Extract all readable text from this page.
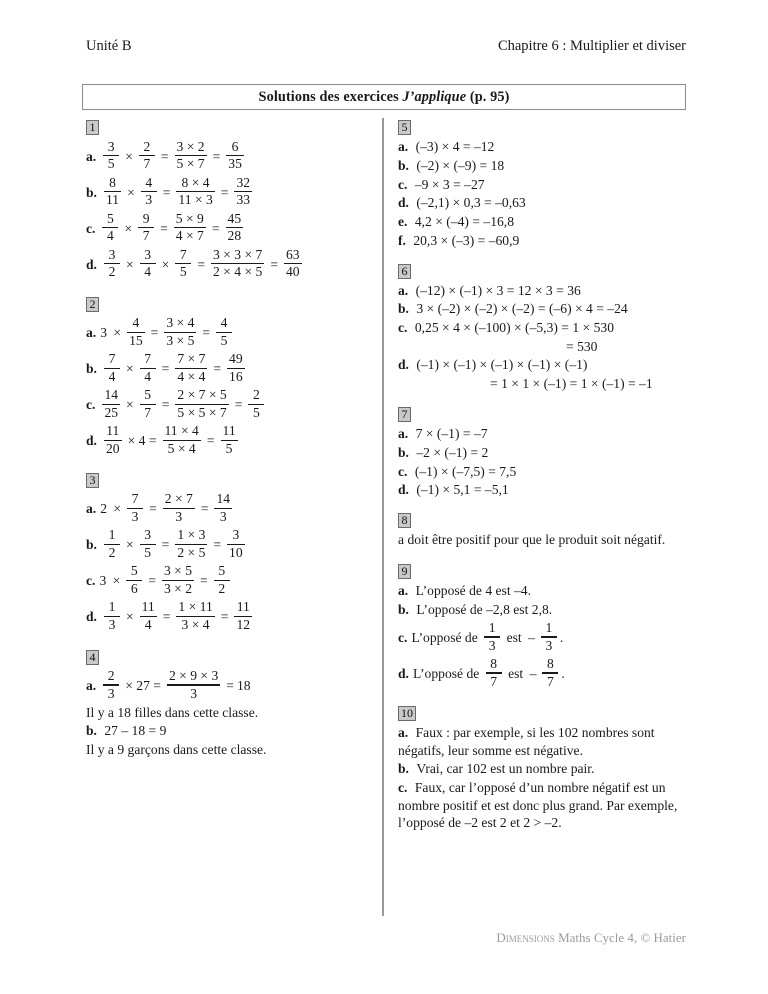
Unité B	Chapitre 6 : Multiplier et diviser
Solutions des exercices J’applique (p. 95)
1
a. $\frac{3}{5} \times \frac{2}{7} = \frac{3 \times 2}{5 \times 7} = \frac{6}{35}$
b. $\frac{8}{11} \times \frac{4}{3} = \frac{8 \times 4}{11 \times 3} = \frac{32}{33}$
c. $\frac{5}{4} \times \frac{9}{7} = \frac{5 \times 9}{4 \times 7} = \frac{45}{28}$
d. $\frac{3}{2} \times \frac{3}{4} \times \frac{7}{5} = \frac{3 \times 3 \times 7}{2 \times 4 \times 5} = \frac{63}{40}$
2
a. $3 \times \frac{4}{15} = \frac{3 \times 4}{3 \times 5} = \frac{4}{5}$
b. $\frac{7}{4} \times \frac{7}{4} = \frac{7 \times 7}{4 \times 4} = \frac{49}{16}$
c. $\frac{14}{25} \times \frac{5}{7} = \frac{2 \times 7 \times 5}{5 \times 5 \times 7} = \frac{2}{5}$
d. $\frac{11}{20} \times 4 = \frac{11 \times 4}{5 \times 4} = \frac{11}{5}$
3
a. $2 \times \frac{7}{3} = \frac{2 \times 7}{3} = \frac{14}{3}$
b. $\frac{1}{2} \times \frac{3}{5} = \frac{1 \times 3}{2 \times 5} = \frac{3}{10}$
c. $3 \times \frac{5}{6} = \frac{3 \times 5}{3 \times 2} = \frac{5}{2}$
d. $\frac{1}{3} \times \frac{11}{4} = \frac{1 \times 11}{3 \times 4} = \frac{11}{12}$
4
a. $\frac{2}{3} \times 27 = \frac{2 \times 9 \times 3}{3} = 18$
Il y a 18 filles dans cette classe.
b. 27 – 18 = 9
Il y a 9 garçons dans cette classe.
5
a. (–3) × 4 = –12
b. (–2) × (–9) = 18
c. –9 × 3 = –27
d. (–2,1) × 0,3 = –0,63
e. 4,2 × (–4) = –16,8
f. 20,3 × (–3) = –60,9
6
a. (–12) × (–1) × 3 = 12 × 3 = 36
b. 3 × (–2) × (–2) × (–2) = (–6) × 4 = –24
c. 0,25 × 4 × (–100) × (–5,3) = 1 × 530
= 530
d. (–1) × (–1) × (–1) × (–1) × (–1)
= 1 × 1 × (–1) = 1 × (–1) = –1
7
a. 7 × (–1) = –7
b. –2 × (–1) = 2
c. (–1) × (–7,5) = 7,5
d. (–1) × 5,1 = –5,1
8
a doit être positif pour que le produit soit négatif.
9
a. L’opposé de 4 est –4.
b. L’opposé de –2,8 est 2,8.
c. L’opposé de $\frac{1}{3}$ est – $\frac{1}{3}$ .
d. L’opposé de $\frac{8}{7}$ est – $\frac{8}{7}$ .
10
a. Faux : par exemple, si les 102 nombres sont négatifs, leur somme est négative.
b. Vrai, car 102 est un nombre pair.
c. Faux, car l’opposé d’un nombre négatif est un nombre positif et est donc plus grand. Par exemple, l’opposé de –2 est 2 et 2 > –2.
Dimensions Maths Cycle 4, © Hatier
